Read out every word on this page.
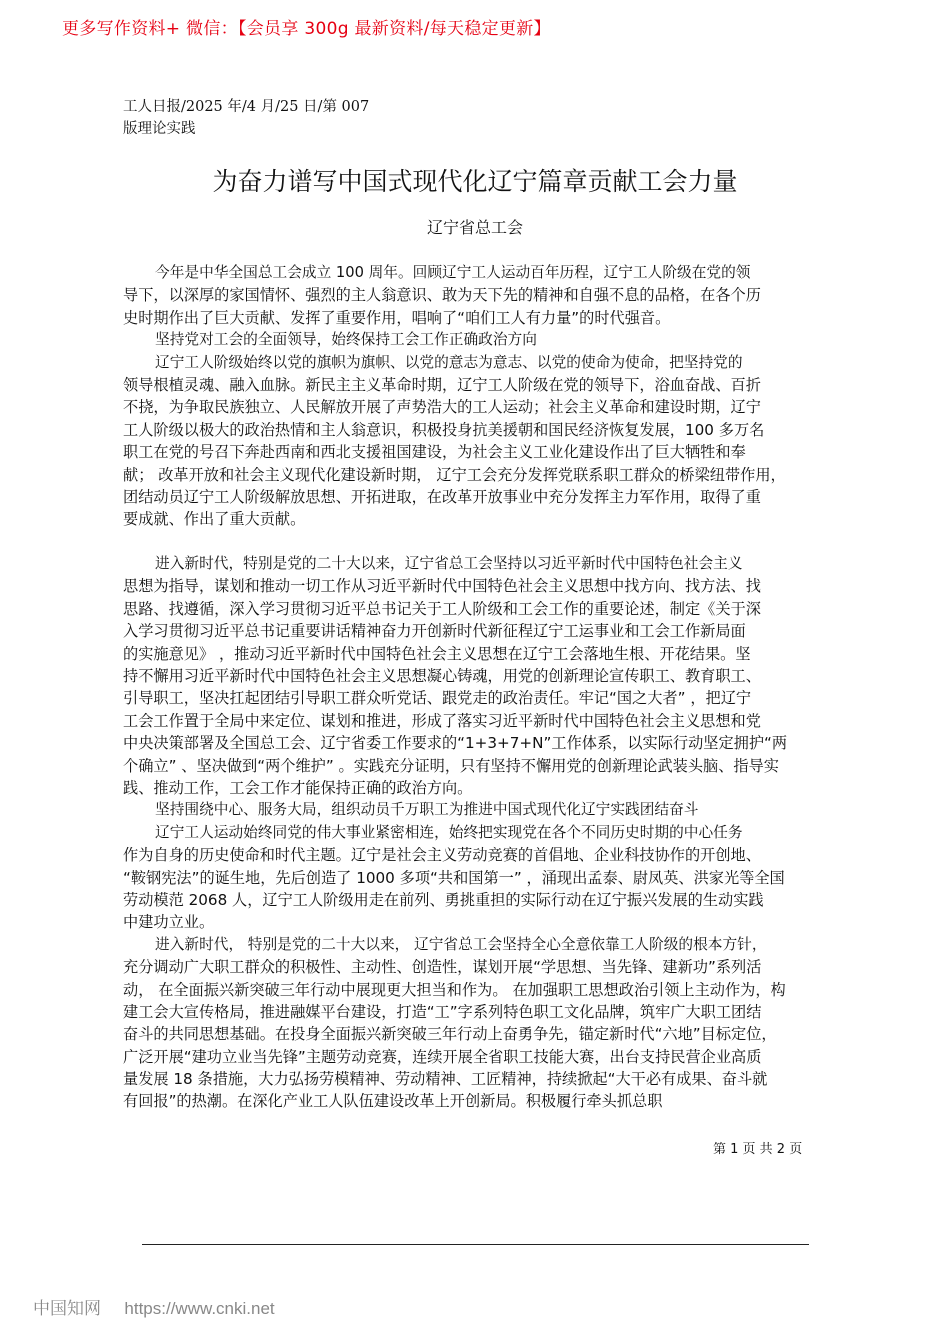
更多写作资料+ 微信：【会员享 300g 最新资料/每天稳定更新】
工人日报/2025 年/4 月/25 日/第 007
版理论实践
为奋力谱写中国式现代化辽宁篇章贡献工会力量
辽宁省总工会
今年是中华全国总工会成立 100 周年。回顾辽宁工人运动百年历程，辽宁工人阶级在党的领
导下，以深厚的家国情怀、强烈的主人翁意识、敢为天下先的精神和自强不息的品格，在各个历
史时期作出了巨大贡献、发挥了重要作用，唱响了“咱们工人有力量”的时代强音。
坚持党对工会的全面领导，始终保持工会工作正确政治方向
辽宁工人阶级始终以党的旗帜为旗帜、以党的意志为意志、以党的使命为使命，把坚持党的
领导根植灵魂、融入血脉。新民主主义革命时期，辽宁工人阶级在党的领导下，浴血奋战、百折
不挠，为争取民族独立、人民解放开展了声势浩大的工人运动；社会主义革命和建设时期，辽宁
工人阶级以极大的政治热情和主人翁意识，积极投身抗美援朝和国民经济恢复发展，100 多万名
职工在党的号召下奔赴西南和西北支援祖国建设，为社会主义工业化建设作出了巨大牺牲和奉
献； 改革开放和社会主义现代化建设新时期， 辽宁工会充分发挥党联系职工群众的桥梁纽带作用，
团结动员辽宁工人阶级解放思想、开拓进取，在改革开放事业中充分发挥主力军作用，取得了重
要成就、作出了重大贡献。
进入新时代，特别是党的二十大以来，辽宁省总工会坚持以习近平新时代中国特色社会主义
思想为指导，谋划和推动一切工作从习近平新时代中国特色社会主义思想中找方向、找方法、找
思路、找遵循，深入学习贯彻习近平总书记关于工人阶级和工会工作的重要论述，制定《关于深
入学习贯彻习近平总书记重要讲话精神奋力开创新时代新征程辽宁工运事业和工会工作新局面
的实施意见》 ，推动习近平新时代中国特色社会主义思想在辽宁工会落地生根、开花结果。坚
持不懈用习近平新时代中国特色社会主义思想凝心铸魂，用党的创新理论宣传职工、教育职工、
引导职工，坚决扛起团结引导职工群众听党话、跟党走的政治责任。牢记“国之大者” ，把辽宁
工会工作置于全局中来定位、谋划和推进，形成了落实习近平新时代中国特色社会主义思想和党
中央决策部署及全国总工会、辽宁省委工作要求的“1+3+7+N”工作体系，以实际行动坚定拥护“两
个确立” 、坚决做到“两个维护” 。实践充分证明，只有坚持不懈用党的创新理论武装头脑、指导实
践、推动工作，工会工作才能保持正确的政治方向。
坚持围绕中心、服务大局，组织动员千万职工为推进中国式现代化辽宁实践团结奋斗
辽宁工人运动始终同党的伟大事业紧密相连，始终把实现党在各个不同历史时期的中心任务
作为自身的历史使命和时代主题。辽宁是社会主义劳动竞赛的首倡地、企业科技协作的开创地、
“鞍钢宪法”的诞生地，先后创造了 1000 多项“共和国第一” ，涌现出孟泰、尉凤英、洪家光等全国
劳动模范 2068 人，辽宁工人阶级用走在前列、勇挑重担的实际行动在辽宁振兴发展的生动实践
中建功立业。
进入新时代， 特别是党的二十大以来， 辽宁省总工会坚持全心全意依靠工人阶级的根本方针，
充分调动广大职工群众的积极性、主动性、创造性，谋划开展“学思想、当先锋、建新功”系列活
动， 在全面振兴新突破三年行动中展现更大担当和作为。 在加强职工思想政治引领上主动作为，构
建工会大宣传格局，推进融媒平台建设，打造“工”字系列特色职工文化品牌，筑牢广大职工团结
奋斗的共同思想基础。在投身全面振兴新突破三年行动上奋勇争先，锚定新时代“六地”目标定位，
广泛开展“建功立业当先锋”主题劳动竞赛，连续开展全省职工技能大赛，出台支持民营企业高质
量发展 18 条措施，大力弘扬劳模精神、劳动精神、工匠精神，持续掀起“大干必有成果、奋斗就
有回报”的热潮。在深化产业工人队伍建设改革上开创新局。积极履行牵头抓总职
第 1 页 共 2 页
中国知网 https://www.cnki.net
